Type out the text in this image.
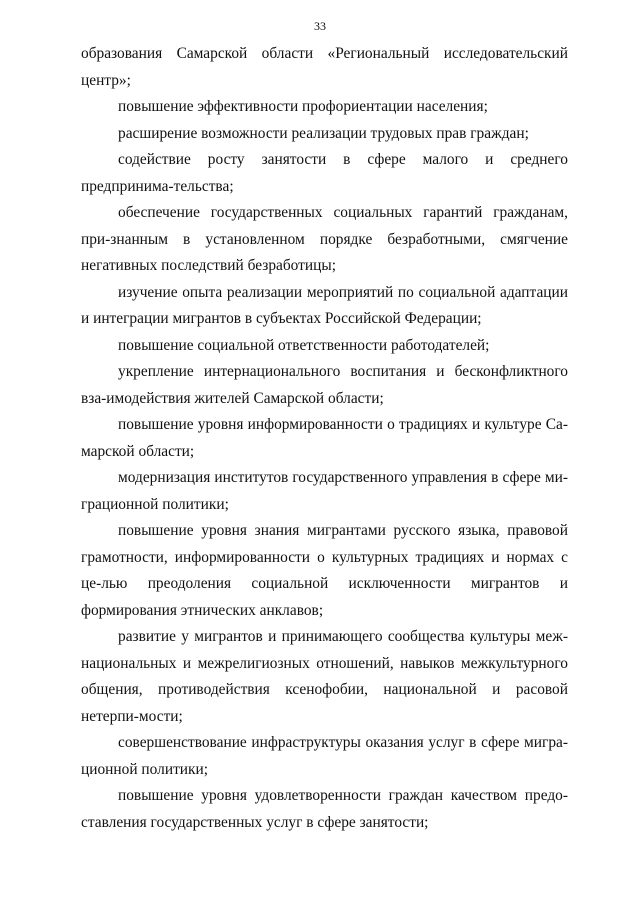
33

образования Самарской области «Региональный исследовательский центр»;

повышение эффективности профориентации населения;

расширение возможности реализации трудовых прав граждан;

содействие росту занятости в сфере малого и среднего предпринима-тельства;

обеспечение государственных социальных гарантий гражданам, при-знанным в установленном порядке безработными, смягчение негативных последствий безработицы;

изучение опыта реализации мероприятий по социальной адаптации и интеграции мигрантов в субъектах Российской Федерации;

повышение социальной ответственности работодателей;

укрепление интернационального воспитания и бесконфликтного вза-имодействия жителей Самарской области;

повышение уровня информированности о традициях и культуре Са-марской области;

модернизация институтов государственного управления в сфере ми-грационной политики;

повышение уровня знания мигрантами русского языка, правовой грамотности, информированности о культурных традициях и нормах с це-лью преодоления социальной исключенности мигрантов и формирования этнических анклавов;

развитие у мигрантов и принимающего сообщества культуры меж-национальных и межрелигиозных отношений, навыков межкультурного общения, противодействия ксенофобии, национальной и расовой нетерпи-мости;

совершенствование инфраструктуры оказания услуг в сфере мигра-ционной политики;

повышение уровня удовлетворенности граждан качеством предо-ставления государственных услуг в сфере занятости;
